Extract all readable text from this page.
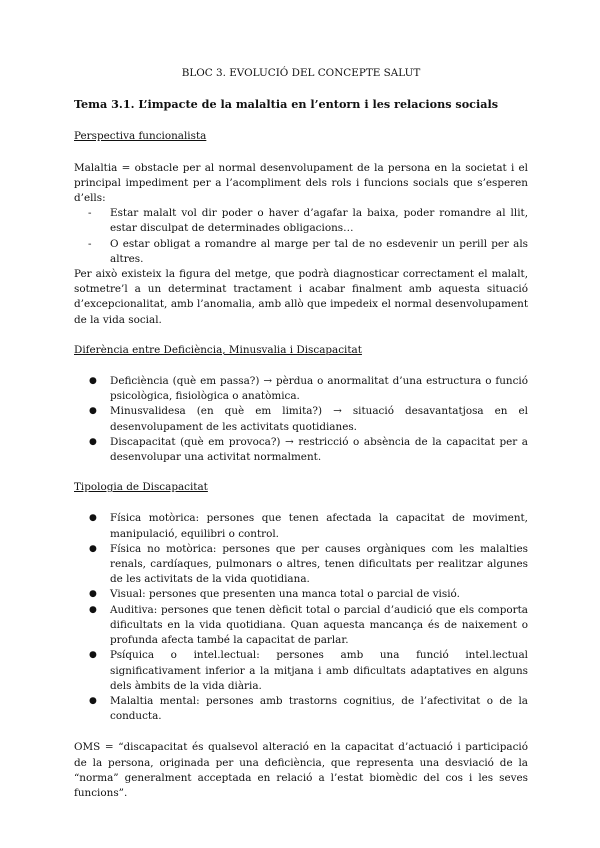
BLOC 3. EVOLUCIÓ DEL CONCEPTE SALUT
Tema 3.1. L’impacte de la malaltia en l’entorn i les relacions socials
Perspectiva funcionalista

Malaltia = obstacle per al normal desenvolupament de la persona en la societat i el principal impediment per a l’acompliment dels rols i funcions socials que s’esperen d’ells:

- Estar malalt vol dir poder o haver d’agafar la baixa, poder romandre al llit, estar disculpat de determinades obligacions…
- O estar obligat a romandre al marge per tal de no esdevenir un perill per als altres.

Per això existeix la figura del metge, que podrà diagnosticar correctament el malalt, sotmetre’l a un determinat tractament i acabar finalment amb aquesta situació d’excepcionalitat, amb l’anomalia, amb allò que impedeix el normal desenvolupament de la vida social.

Diferència entre Deficiència, Minusvalia i Discapacitat
● Deficiència (què em passa?) → pèrdua o anormalitat d’una estructura o funció psicològica, fisiològica o anatòmica.
● Minusvalidesa (en què em limita?) → situació desavantatjosa en el desenvolupament de les activitats quotidianes.
● Discapacitat (què em provoca?) → restricció o absència de la capacitat per a desenvolupar una activitat normalment.
Tipologia de Discapacitat
● Física motòrica: persones que tenen afectada la capacitat de moviment, manipulació, equilibri o control.
● Física no motòrica: persones que per causes orgàniques com les malalties renals, cardíaques, pulmonars o altres, tenen dificultats per realitzar algunes de les activitats de la vida quotidiana.
● Visual: persones que presenten una manca total o parcial de visió.
● Auditiva: persones que tenen dèficit total o parcial d’audició que els comporta dificultats en la vida quotidiana. Quan aquesta mancança és de naixement o profunda afecta també la capacitat de parlar.
● Psíquica o intel.lectual: persones amb una funció intel.lectual significativament inferior a la mitjana i amb dificultats adaptatives en alguns dels àmbits de la vida diària.
● Malaltia mental: persones amb trastorns cognitius, de l’afectivitat o de la conducta.

OMS = “discapacitat és qualsevol alteració en la capacitat d’actuació i participació de la persona, originada per una deficiència, que representa una desviació de la “norma” generalment acceptada en relació a l’estat biomèdic del cos i les seves funcions”.
